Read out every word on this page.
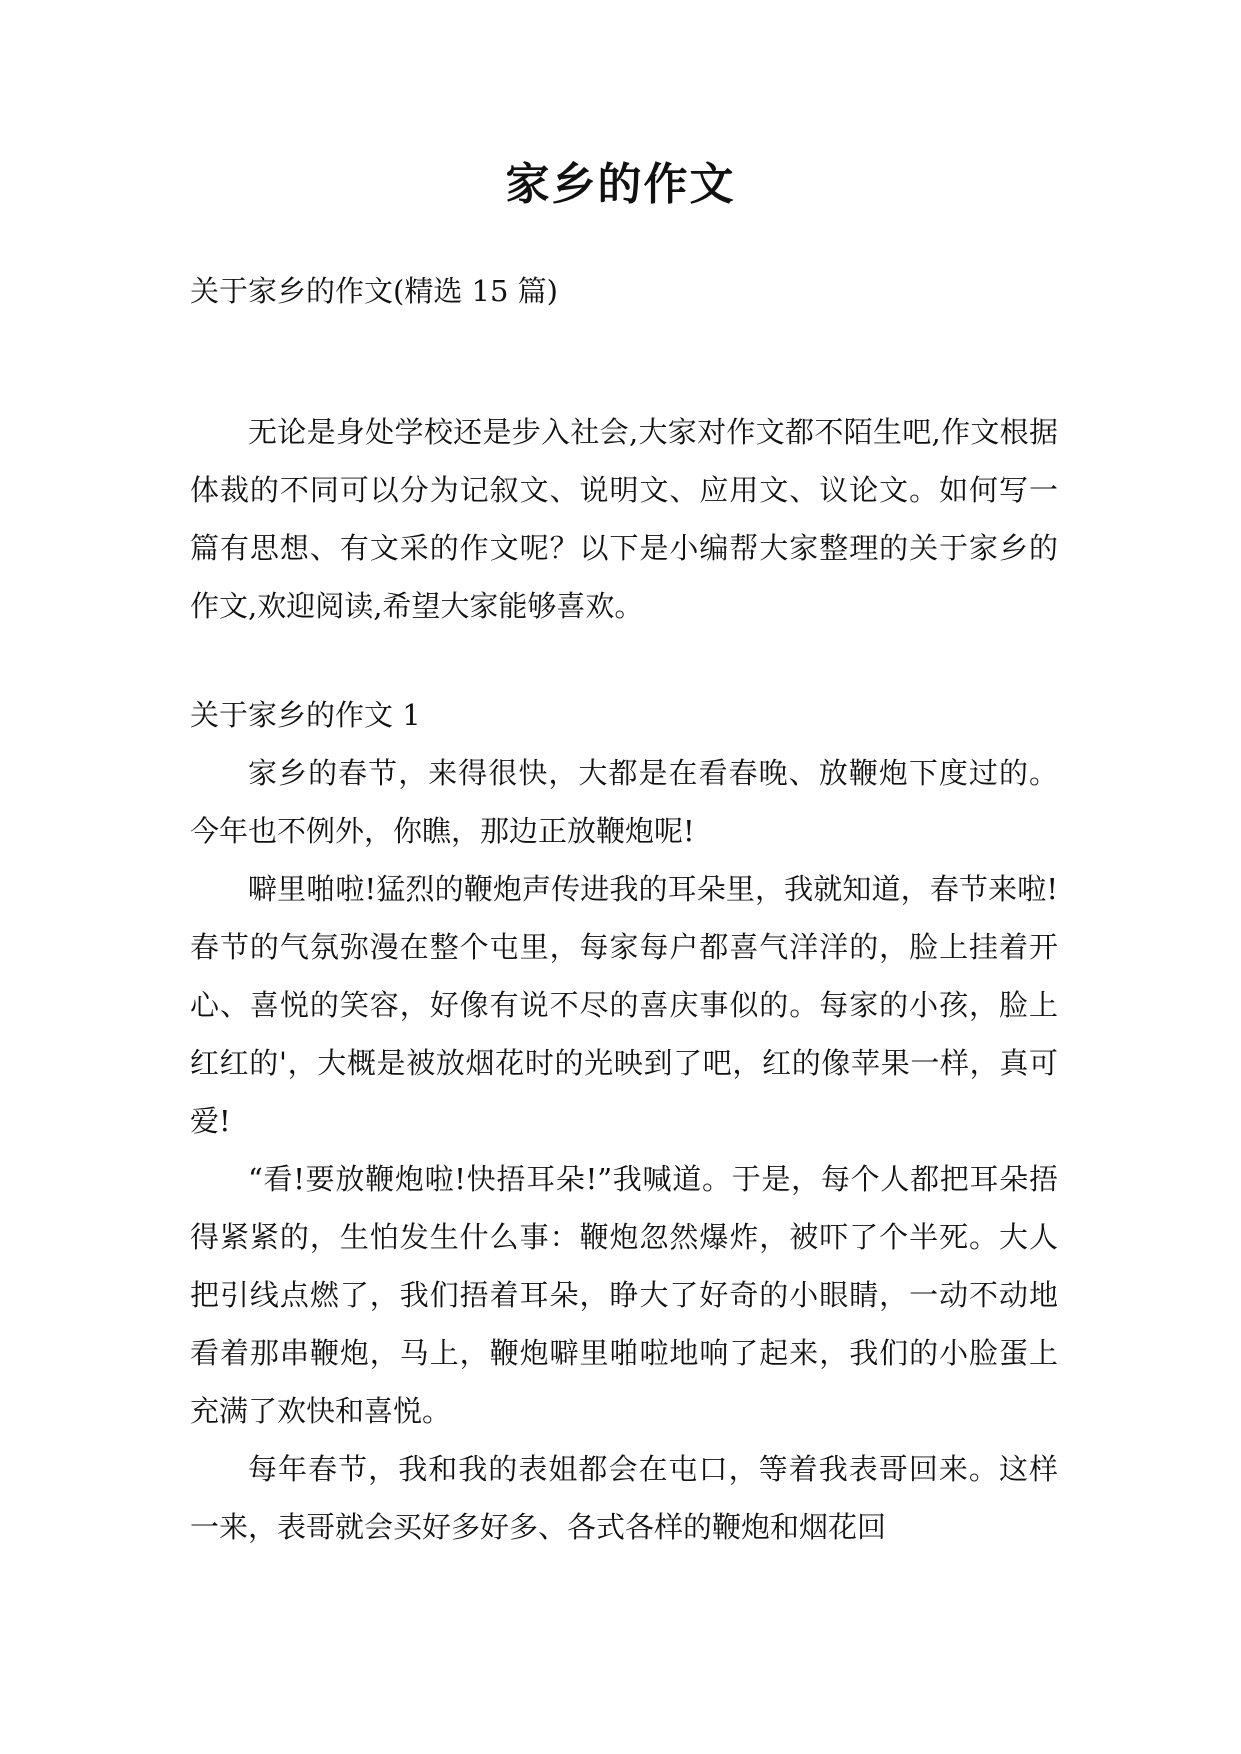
家乡的作文

关于家乡的作文(精选 15 篇)

无论是身处学校还是步入社会,大家对作文都不陌生吧,作文根据体裁的不同可以分为记叙文、说明文、应用文、议论文。如何写一篇有思想、有文采的作文呢？以下是小编帮大家整理的关于家乡的作文,欢迎阅读,希望大家能够喜欢。

关于家乡的作文 1

家乡的春节，来得很快，大都是在看春晚、放鞭炮下度过的。今年也不例外，你瞧，那边正放鞭炮呢!

噼里啪啦!猛烈的鞭炮声传进我的耳朵里，我就知道，春节来啦!春节的气氛弥漫在整个屯里，每家每户都喜气洋洋的，脸上挂着开心、喜悦的笑容，好像有说不尽的喜庆事似的。每家的小孩，脸上红红的'，大概是被放烟花时的光映到了吧，红的像苹果一样，真可爱!

“看!要放鞭炮啦!快捂耳朵!”我喊道。于是，每个人都把耳朵捂得紧紧的，生怕发生什么事：鞭炮忽然爆炸，被吓了个半死。大人把引线点燃了，我们捂着耳朵，睁大了好奇的小眼睛，一动不动地看着那串鞭炮，马上，鞭炮噼里啪啦地响了起来，我们的小脸蛋上充满了欢快和喜悦。

每年春节，我和我的表姐都会在屯口，等着我表哥回来。这样一来，表哥就会买好多好多、各式各样的鞭炮和烟花回
